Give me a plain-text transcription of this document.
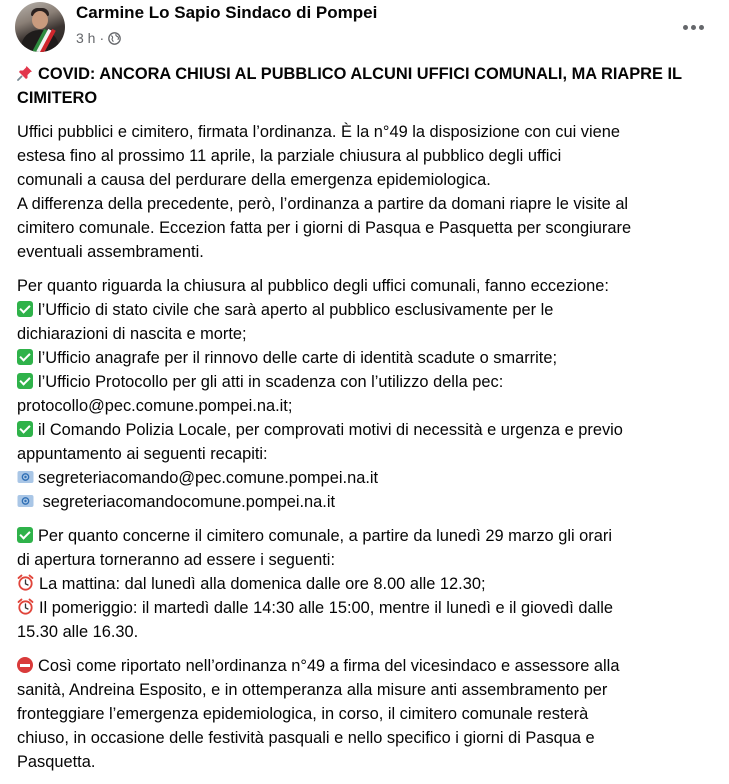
Carmine Lo Sapio Sindaco di Pompei
3 h ·
COVID: ANCORA CHIUSI AL PUBBLICO ALCUNI UFFICI COMUNALI, MA RIAPRE IL CIMITERO
Uffici pubblici e cimitero, firmata l’ordinanza. È la n°49 la disposizione con cui viene
estesa fino al prossimo 11 aprile, la parziale chiusura al pubblico degli uffici
comunali a causa del perdurare della emergenza epidemiologica.
A differenza della precedente, però, l’ordinanza a partire da domani riapre le visite al
cimitero comunale. Eccezion fatta per i giorni di Pasqua e Pasquetta per scongiurare
eventuali assembramenti.
Per quanto riguarda la chiusura al pubblico degli uffici comunali, fanno eccezione:
l’Ufficio di stato civile che sarà aperto al pubblico esclusivamente per le
dichiarazioni di nascita e morte;
l’Ufficio anagrafe per il rinnovo delle carte di identità scadute o smarrite;
l’Ufficio Protocollo per gli atti in scadenza con l’utilizzo della pec:
protocollo@pec.comune.pompei.na.it;
il Comando Polizia Locale, per comprovati motivi di necessità e urgenza e previo
appuntamento ai seguenti recapiti:
segreteriacomando@pec.comune.pompei.na.it
segreteriacomandocomune.pompei.na.it
Per quanto concerne il cimitero comunale, a partire da lunedì 29 marzo gli orari
di apertura torneranno ad essere i seguenti:
La mattina: dal lunedì alla domenica dalle ore 8.00 alle 12.30;
Il pomeriggio: il martedì dalle 14:30 alle 15:00, mentre il lunedì e il giovedì dalle
15.30 alle 16.30.
Così come riportato nell’ordinanza n°49 a firma del vicesindaco e assessore alla
sanità, Andreina Esposito, e in ottemperanza alla misure anti assembramento per
fronteggiare l’emergenza epidemiologica, in corso, il cimitero comunale resterà
chiuso, in occasione delle festività pasquali e nello specifico i giorni di Pasqua e
Pasquetta.
